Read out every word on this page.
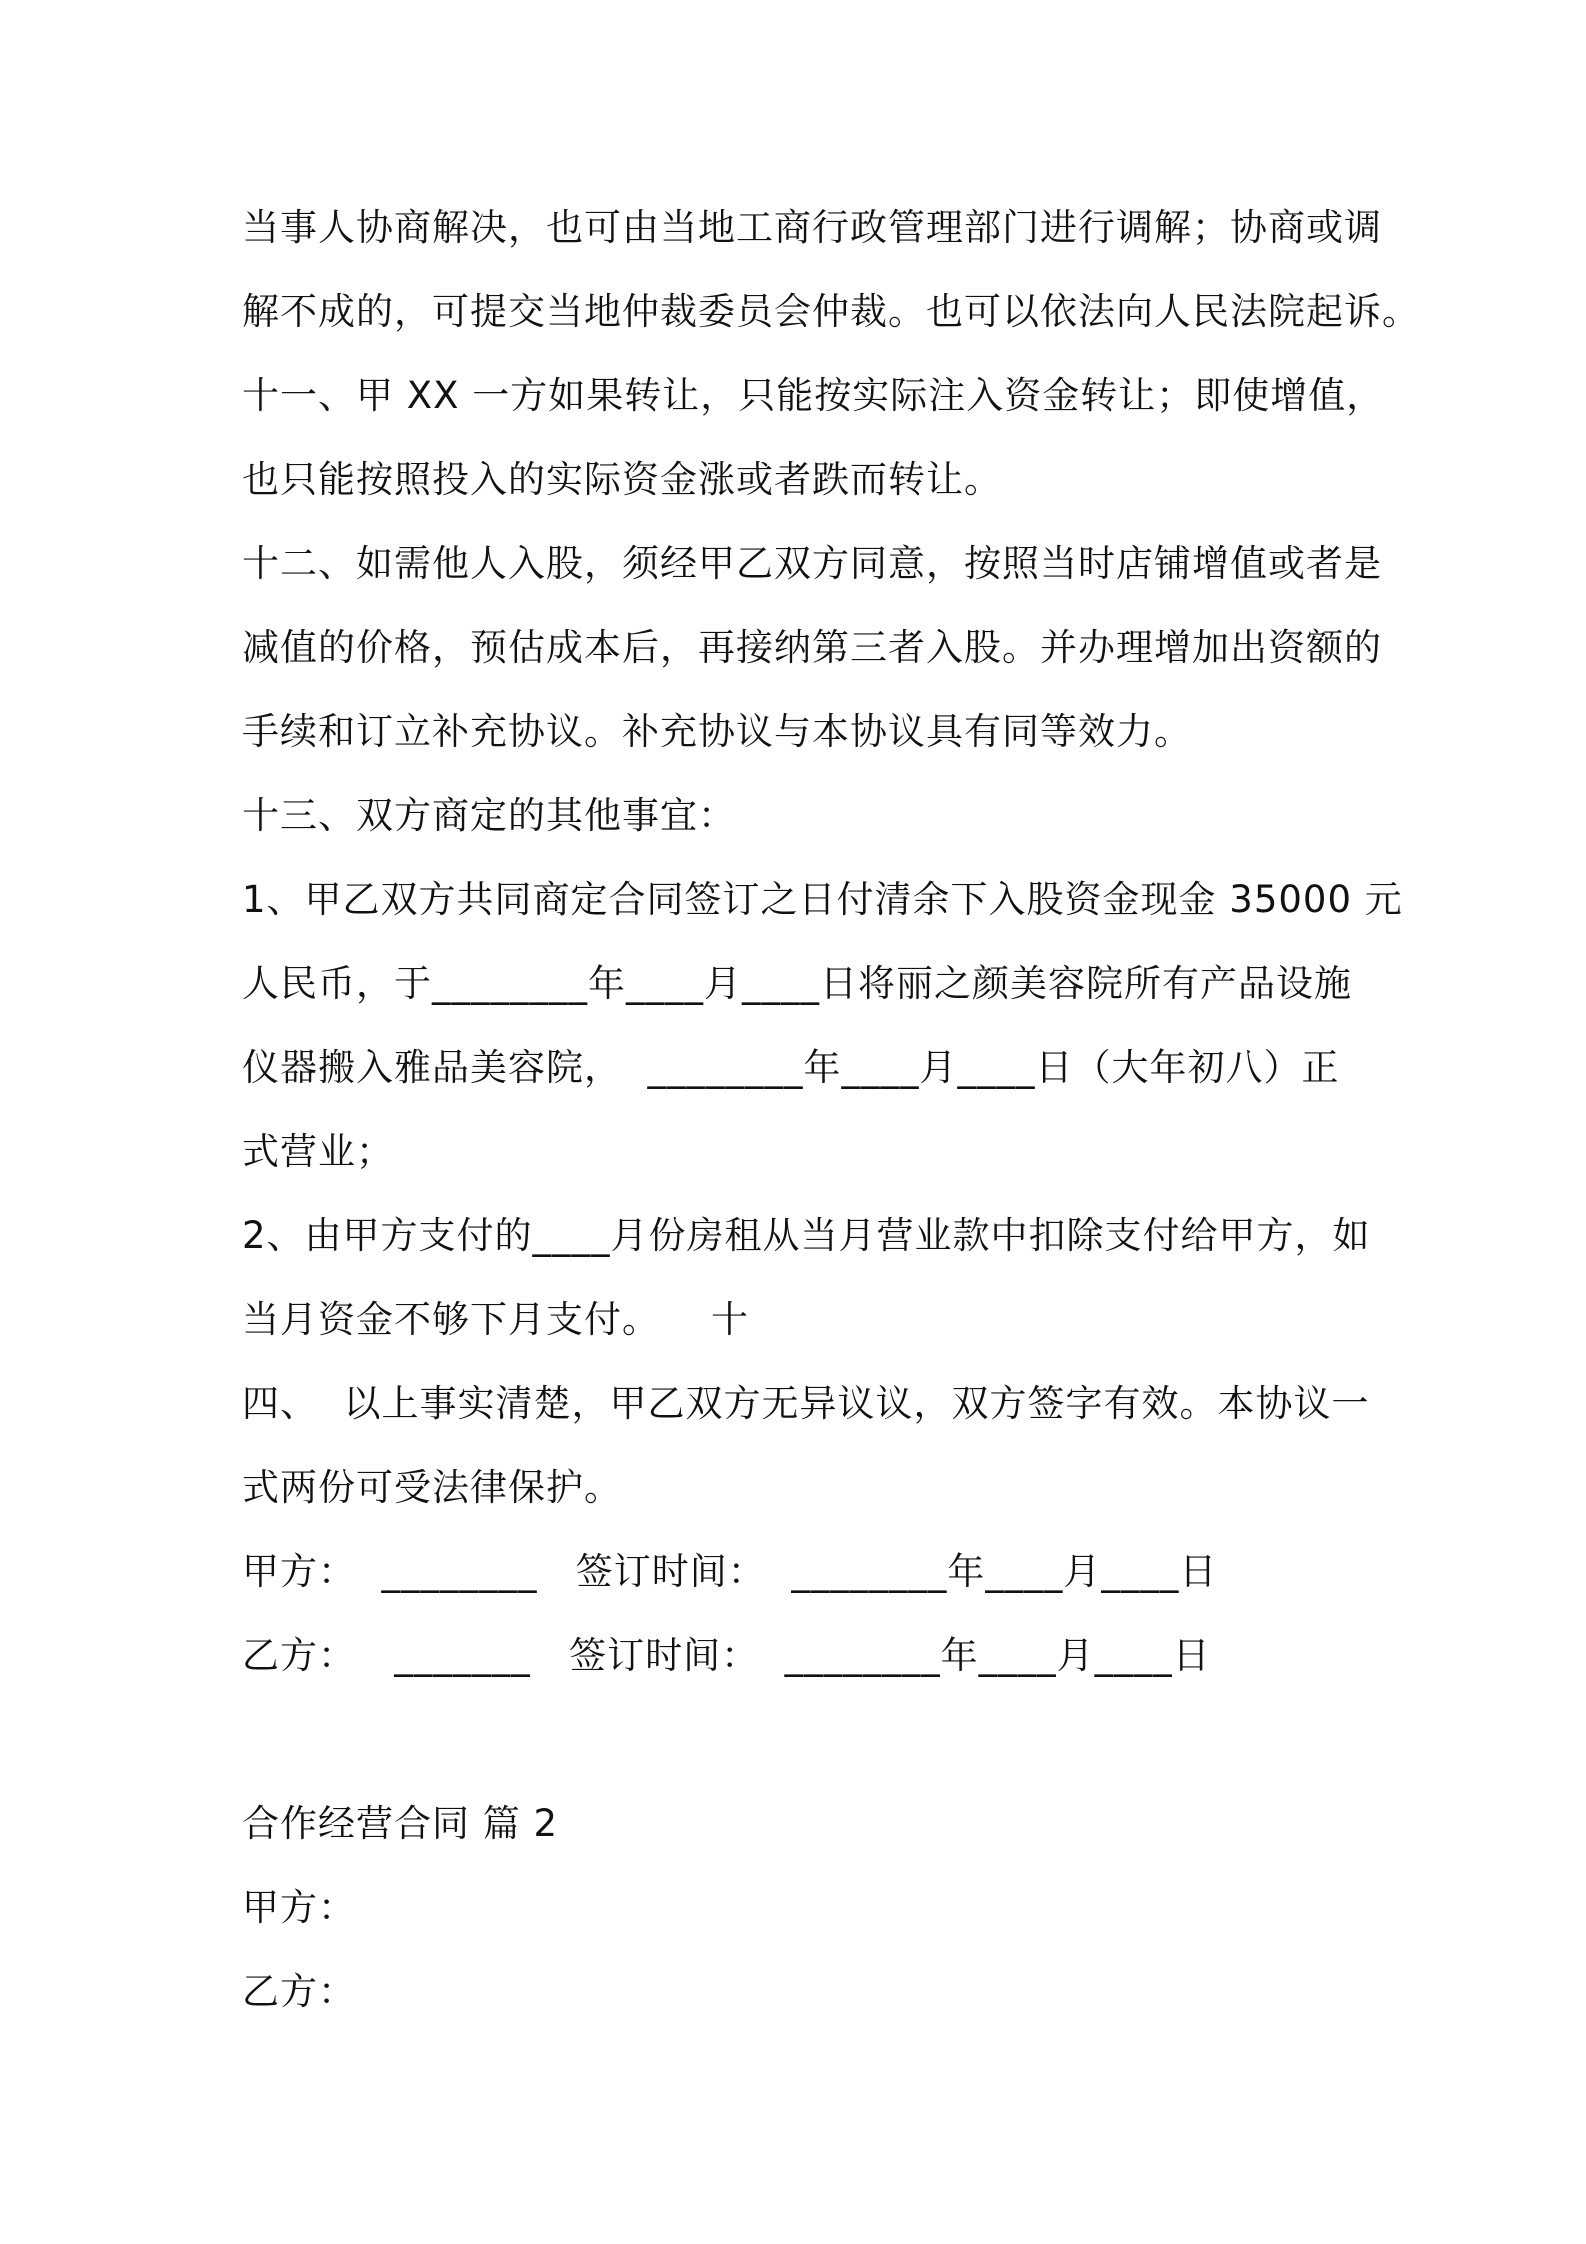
当事人协商解决，也可由当地工商行政管理部门进行调解；协商或调
解不成的，可提交当地仲裁委员会仲裁。也可以依法向人民法院起诉。
十一、甲 XX 一方如果转让，只能按实际注入资金转让；即使增值，
也只能按照投入的实际资金涨或者跌而转让。
十二、如需他人入股，须经甲乙双方同意，按照当时店铺增值或者是
减值的价格，预估成本后，再接纳第三者入股。并办理增加出资额的
手续和订立补充协议。补充协议与本协议具有同等效力。
十三、双方商定的其他事宜：
1、甲乙双方共同商定合同签订之日付清余下入股资金现金 35000 元
人民币，于________年____月____日将丽之颜美容院所有产品设施
仪器搬入雅品美容院，  ________年____月____日（大年初八）正
式营业；
2、由甲方支付的____月份房租从当月营业款中扣除支付给甲方，如
当月资金不够下月支付。    十
四、  以上事实清楚，甲乙双方无异议议，双方签字有效。本协议一
式两份可受法律保护。
甲方：  ________   签订时间：  ________年____月____日
乙方：   _______   签订时间：  ________年____月____日
合作经营合同 篇 2
甲方：
乙方：
